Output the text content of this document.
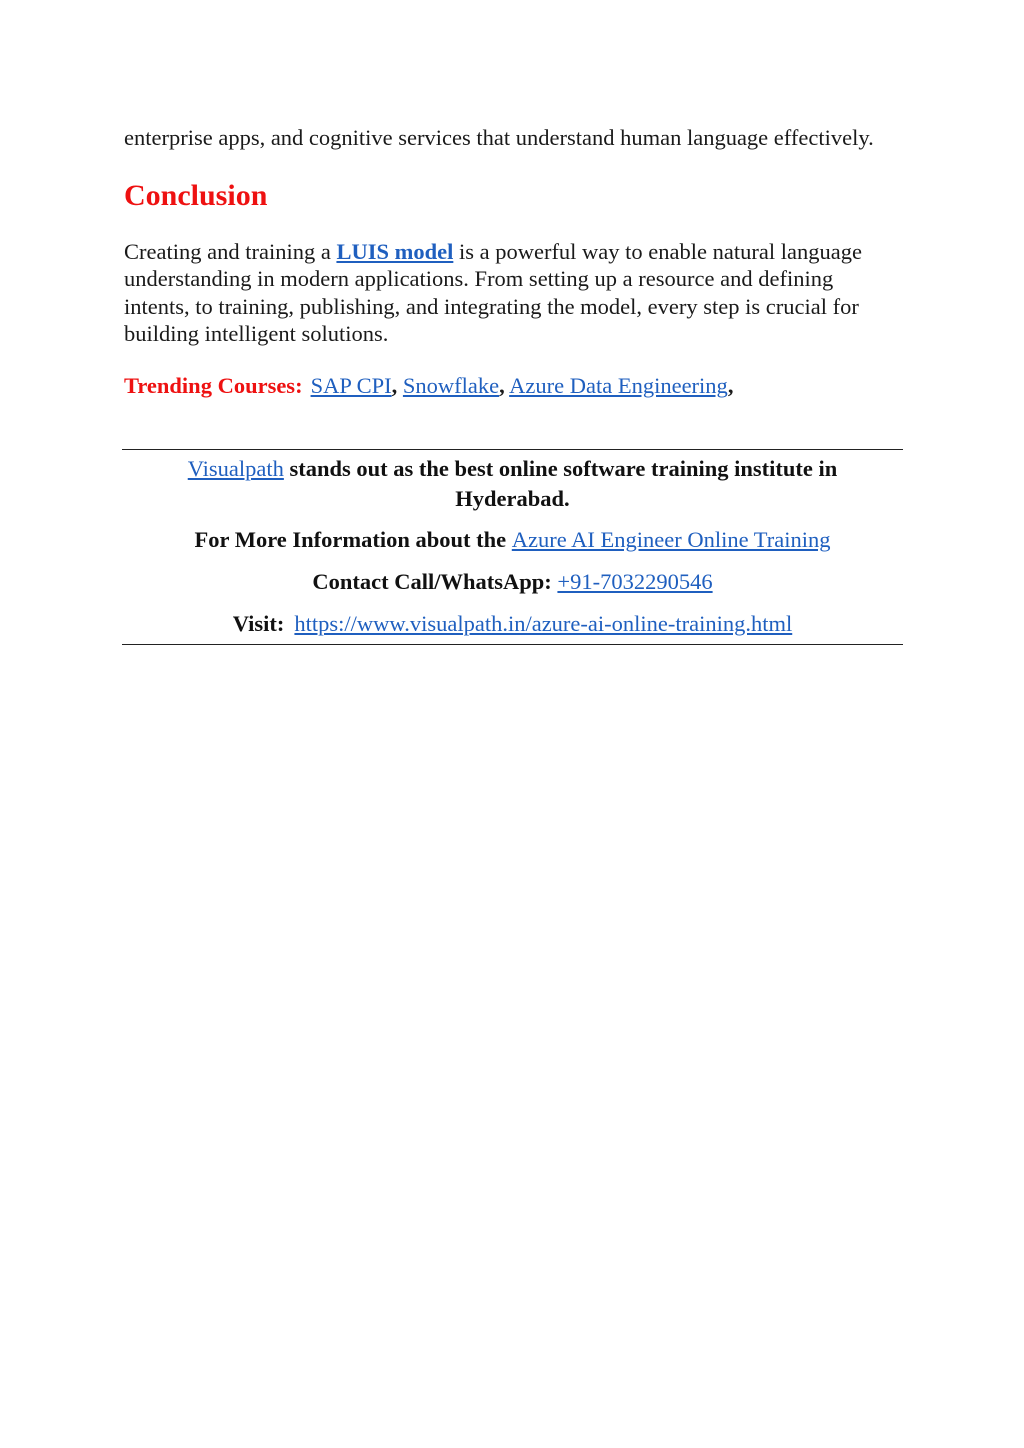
enterprise apps, and cognitive services that understand human language effectively.

Conclusion

Creating and training a LUIS model is a powerful way to enable natural language understanding in modern applications. From setting up a resource and defining intents, to training, publishing, and integrating the model, every step is crucial for building intelligent solutions.

Trending Courses: SAP CPI, Snowflake, Azure Data Engineering,

Visualpath stands out as the best online software training institute in Hyderabad.

For More Information about the Azure AI Engineer Online Training

Contact Call/WhatsApp: +91-7032290546

Visit: https://www.visualpath.in/azure-ai-online-training.html
